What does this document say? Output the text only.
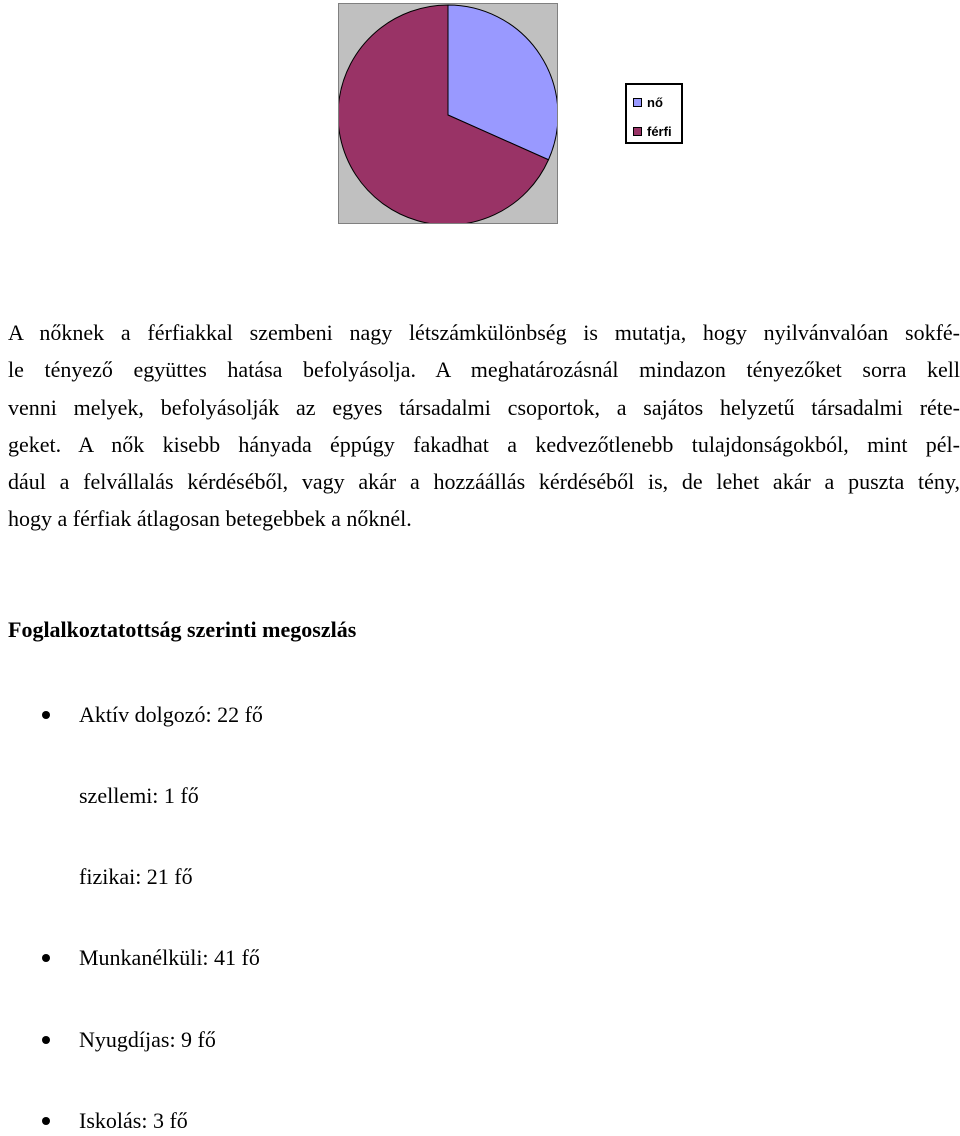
nő
férfi

A nőknek a férfiakkal szembeni nagy létszámkülönbség is mutatja, hogy nyilvánvalóan sokfé-
le tényező együttes hatása befolyásolja. A meghatározásnál mindazon tényezőket sorra kell
venni melyek, befolyásolják az egyes társadalmi csoportok, a sajátos helyzetű társadalmi réte-
geket. A nők kisebb hányada éppúgy fakadhat a kedvezőtlenebb tulajdonságokból, mint pél-
dául a felvállalás kérdéséből, vagy akár a hozzáállás kérdéséből is, de lehet akár a puszta tény,
hogy a férfiak átlagosan betegebbek a nőknél.

Foglalkoztatottság szerinti megoszlás
Aktív dolgozó: 22 fő
szellemi: 1 fő
fizikai: 21 fő
Munkanélküli: 41 fő
Nyugdíjas: 9 fő
Iskolás: 3 fő
